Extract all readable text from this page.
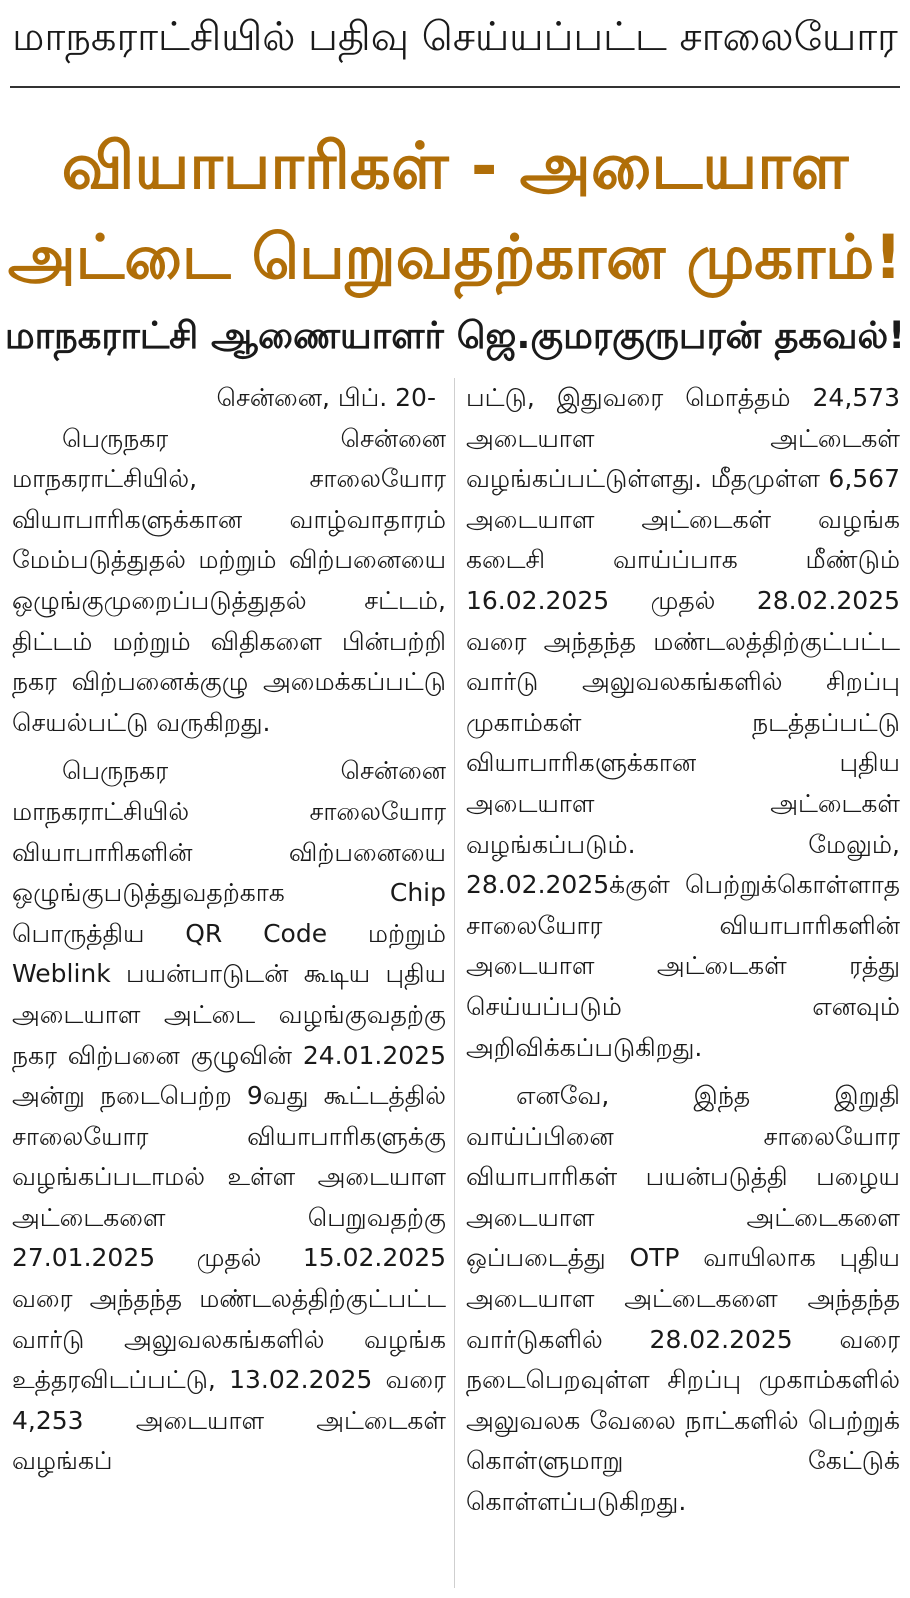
மாநகராட்சியில் பதிவு செய்யப்பட்ட சாலையோர
வியாபாரிகள் - அடையாள
அட்டை பெறுவதற்கான முகாம்!
மாநகராட்சி ஆணையாளர் ஜெ.குமரகுருபரன் தகவல்!
சென்னை, பிப். 20-

பெருநகர சென்னை மாநகராட்சியில், சாலையோர வியாபாரிகளுக்கான வாழ்வாதாரம் மேம்படுத்துதல் மற்றும் விற்பனையை ஒழுங்குமுறைப்படுத்துதல் சட்டம், திட்டம் மற்றும் விதிகளை பின்பற்றி நகர விற்பனைக்குழு அமைக்கப்பட்டு செயல்பட்டு வருகிறது.

பெருநகர சென்னை மாநகராட்சியில் சாலையோர வியாபாரிகளின் விற்பனையை ஒழுங்குபடுத்துவதற்காக Chip பொருத்திய QR Code மற்றும் Weblink பயன்பாடுடன் கூடிய புதிய அடையாள அட்டை வழங்குவதற்கு நகர விற்பனை குழுவின் 24.01.2025 அன்று நடைபெற்ற 9வது கூட்டத்தில் சாலையோர வியாபாரிகளுக்கு வழங்கப்படாமல் உள்ள அடையாள அட்டைகளை பெறுவதற்கு 27.01.2025 முதல் 15.02.2025 வரை அந்தந்த மண்டலத்திற்குட்பட்ட வார்டு அலுவலகங்களில் வழங்க உத்தரவிடப்பட்டு, 13.02.2025 வரை 4,253 அடையாள அட்டைகள் வழங்கப்

பட்டு, இதுவரை மொத்தம் 24,573 அடையாள அட்டைகள் வழங்கப்பட்டுள்ளது. மீதமுள்ள 6,567 அடையாள அட்டைகள் வழங்க கடைசி வாய்ப்பாக மீண்டும் 16.02.2025 முதல் 28.02.2025 வரை அந்தந்த மண்டலத்திற்குட்பட்ட வார்டு அலுவலகங்களில் சிறப்பு முகாம்கள் நடத்தப்பட்டு வியாபாரிகளுக்கான புதிய அடையாள அட்டைகள் வழங்கப்படும். மேலும், 28.02.2025க்குள் பெற்றுக்கொள்ளாத சாலையோர வியாபாரிகளின் அடையாள அட்டைகள் ரத்து செய்யப்படும் எனவும் அறிவிக்கப்படுகிறது.

எனவே, இந்த இறுதி வாய்ப்பினை சாலையோர வியாபாரிகள் பயன்படுத்தி பழைய அடையாள அட்டைகளை ஒப்படைத்து OTP வாயிலாக புதிய அடையாள அட்டைகளை அந்தந்த வார்டுகளில் 28.02.2025 வரை நடைபெறவுள்ள சிறப்பு முகாம்களில் அலுவலக வேலை நாட்களில் பெற்றுக் கொள்ளுமாறு கேட்டுக் கொள்ளப்படுகிறது.
